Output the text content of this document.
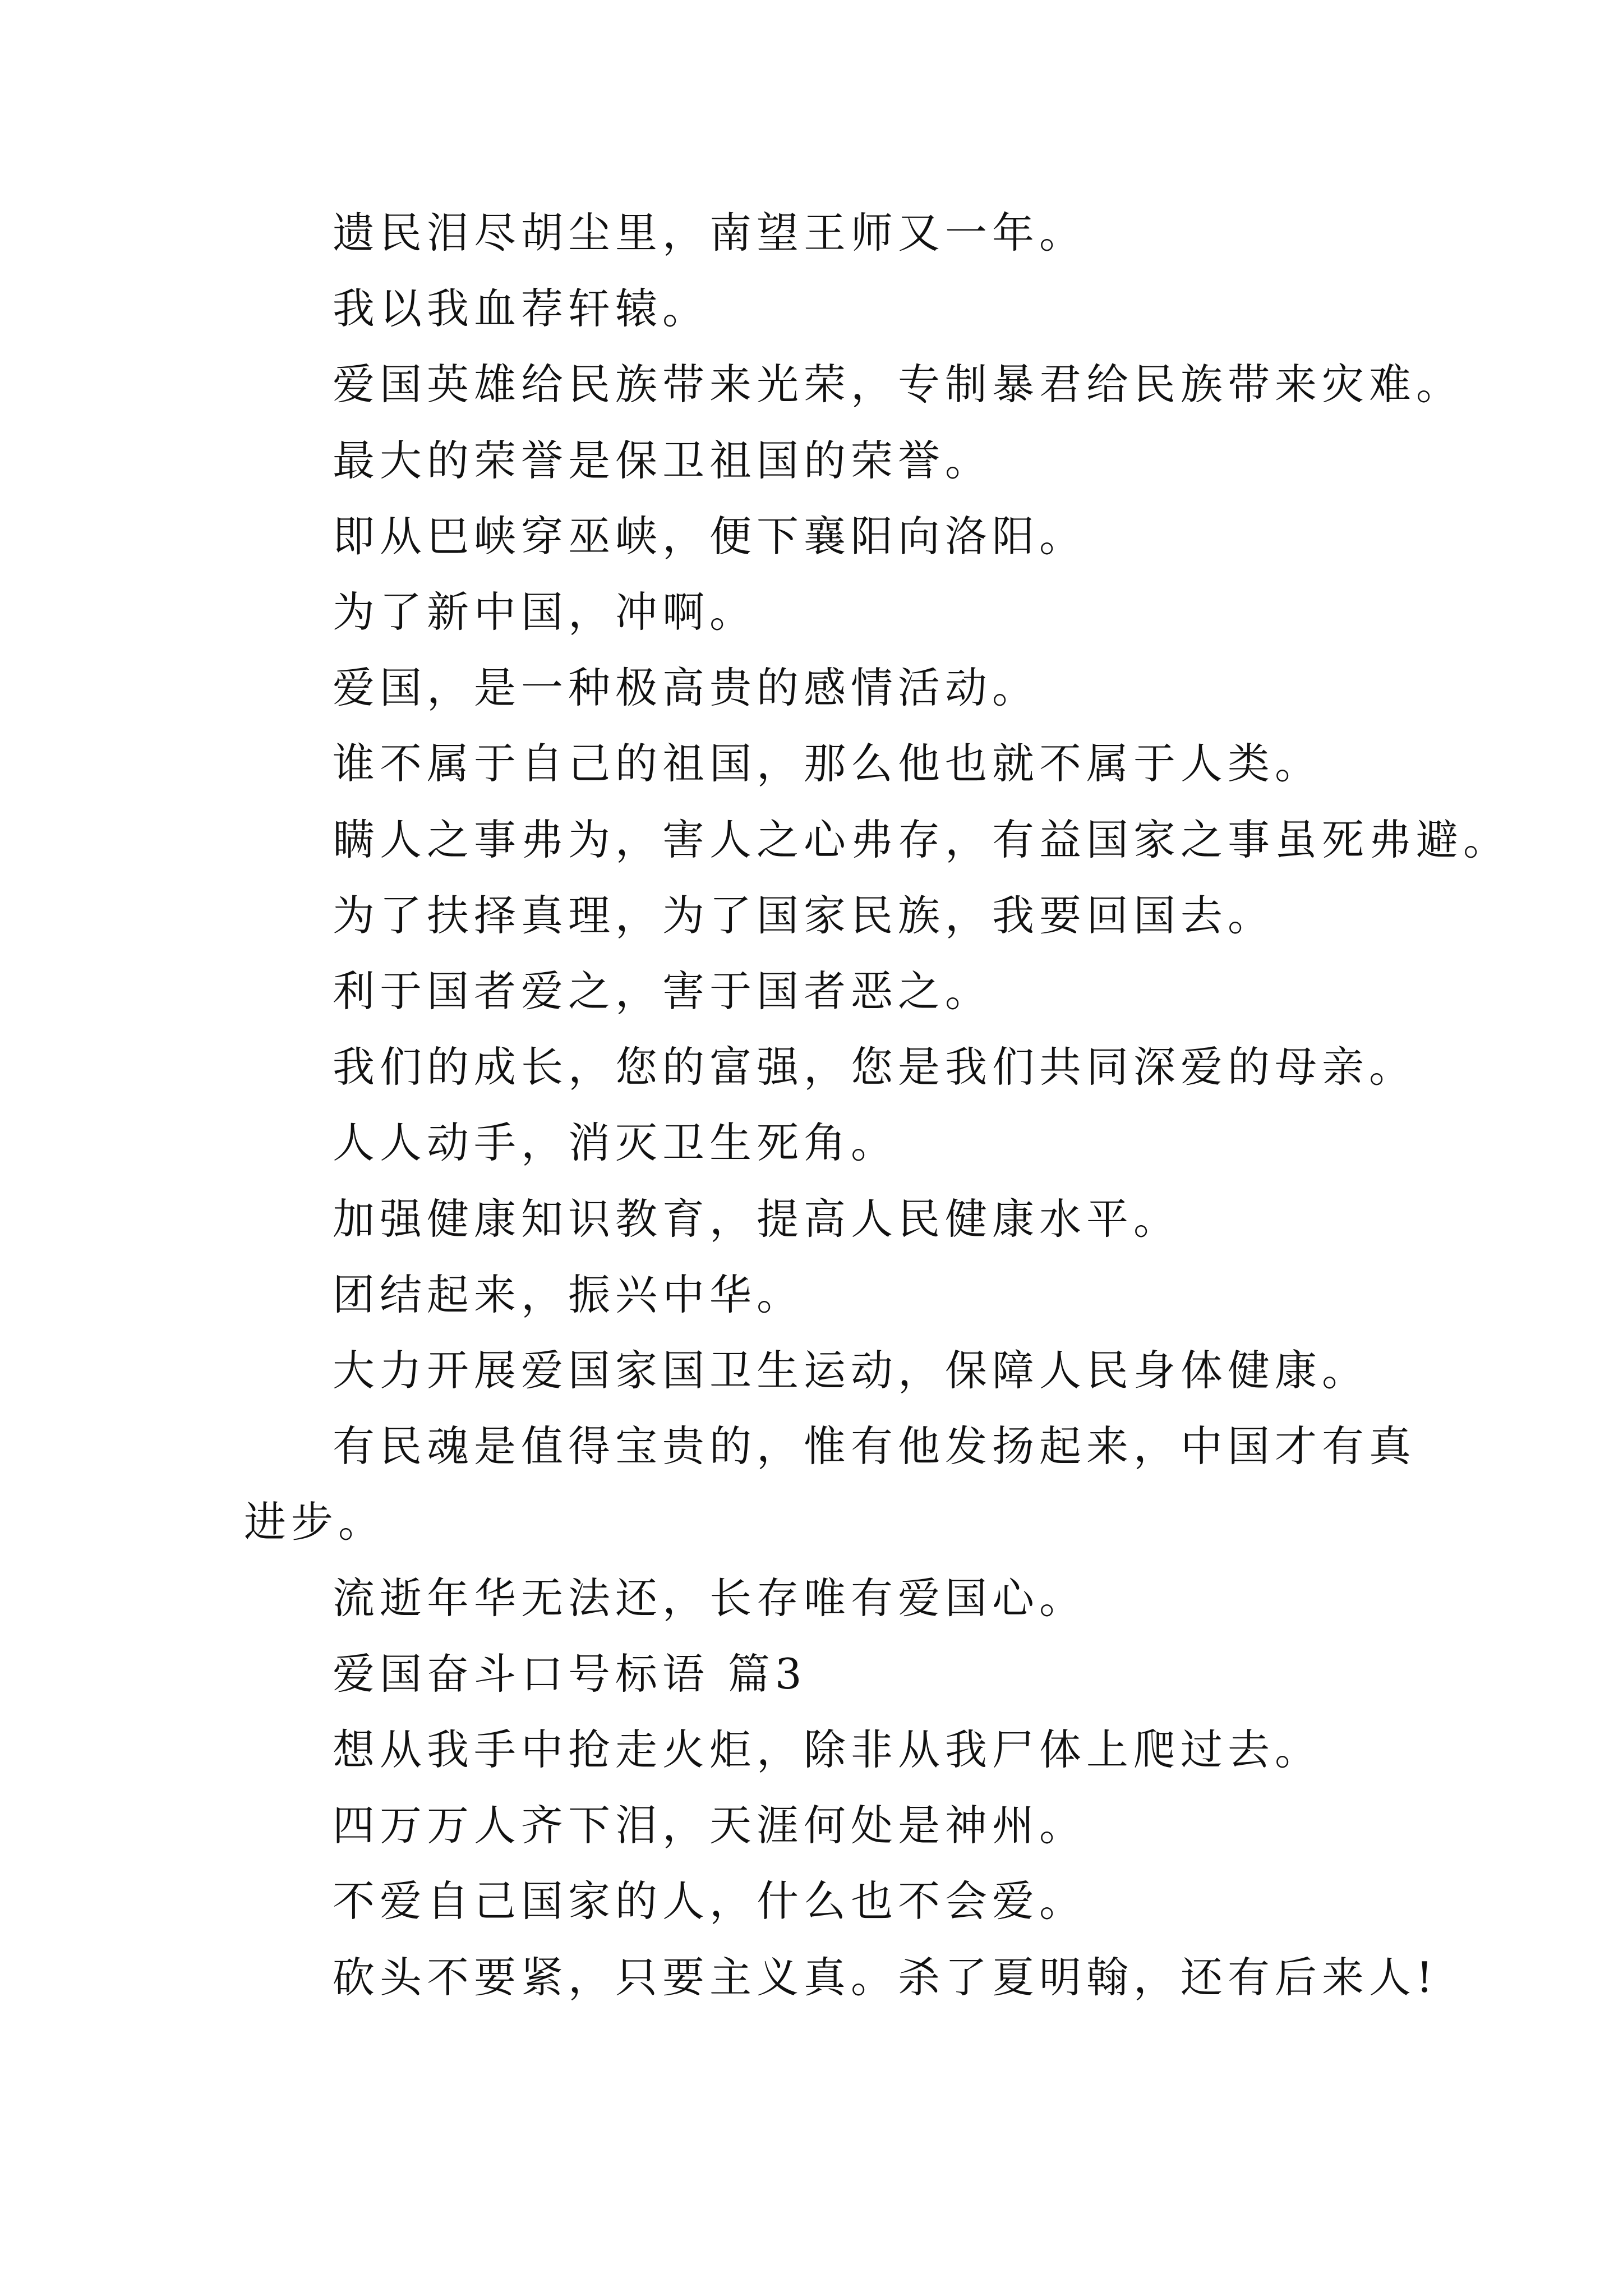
遗民泪尽胡尘里，南望王师又一年。

我以我血荐轩辕。

爱国英雄给民族带来光荣，专制暴君给民族带来灾难。

最大的荣誉是保卫祖国的荣誉。

即从巴峡穿巫峡，便下襄阳向洛阳。

为了新中国，冲啊。

爱国，是一种极高贵的感情活动。

谁不属于自己的祖国，那么他也就不属于人类。

瞒人之事弗为，害人之心弗存，有益国家之事虽死弗避。

为了扶择真理，为了国家民族，我要回国去。

利于国者爱之，害于国者恶之。

我们的成长，您的富强，您是我们共同深爱的母亲。

人人动手，消灭卫生死角。

加强健康知识教育，提高人民健康水平。

团结起来，振兴中华。

大力开展爱国家国卫生运动，保障人民身体健康。

有民魂是值得宝贵的，惟有他发扬起来，中国才有真进步。

流逝年华无法还，长存唯有爱国心。

爱国奋斗口号标语 篇3

想从我手中抢走火炬，除非从我尸体上爬过去。

四万万人齐下泪，天涯何处是神州。

不爱自己国家的人，什么也不会爱。

砍头不要紧，只要主义真。杀了夏明翰，还有后来人!
